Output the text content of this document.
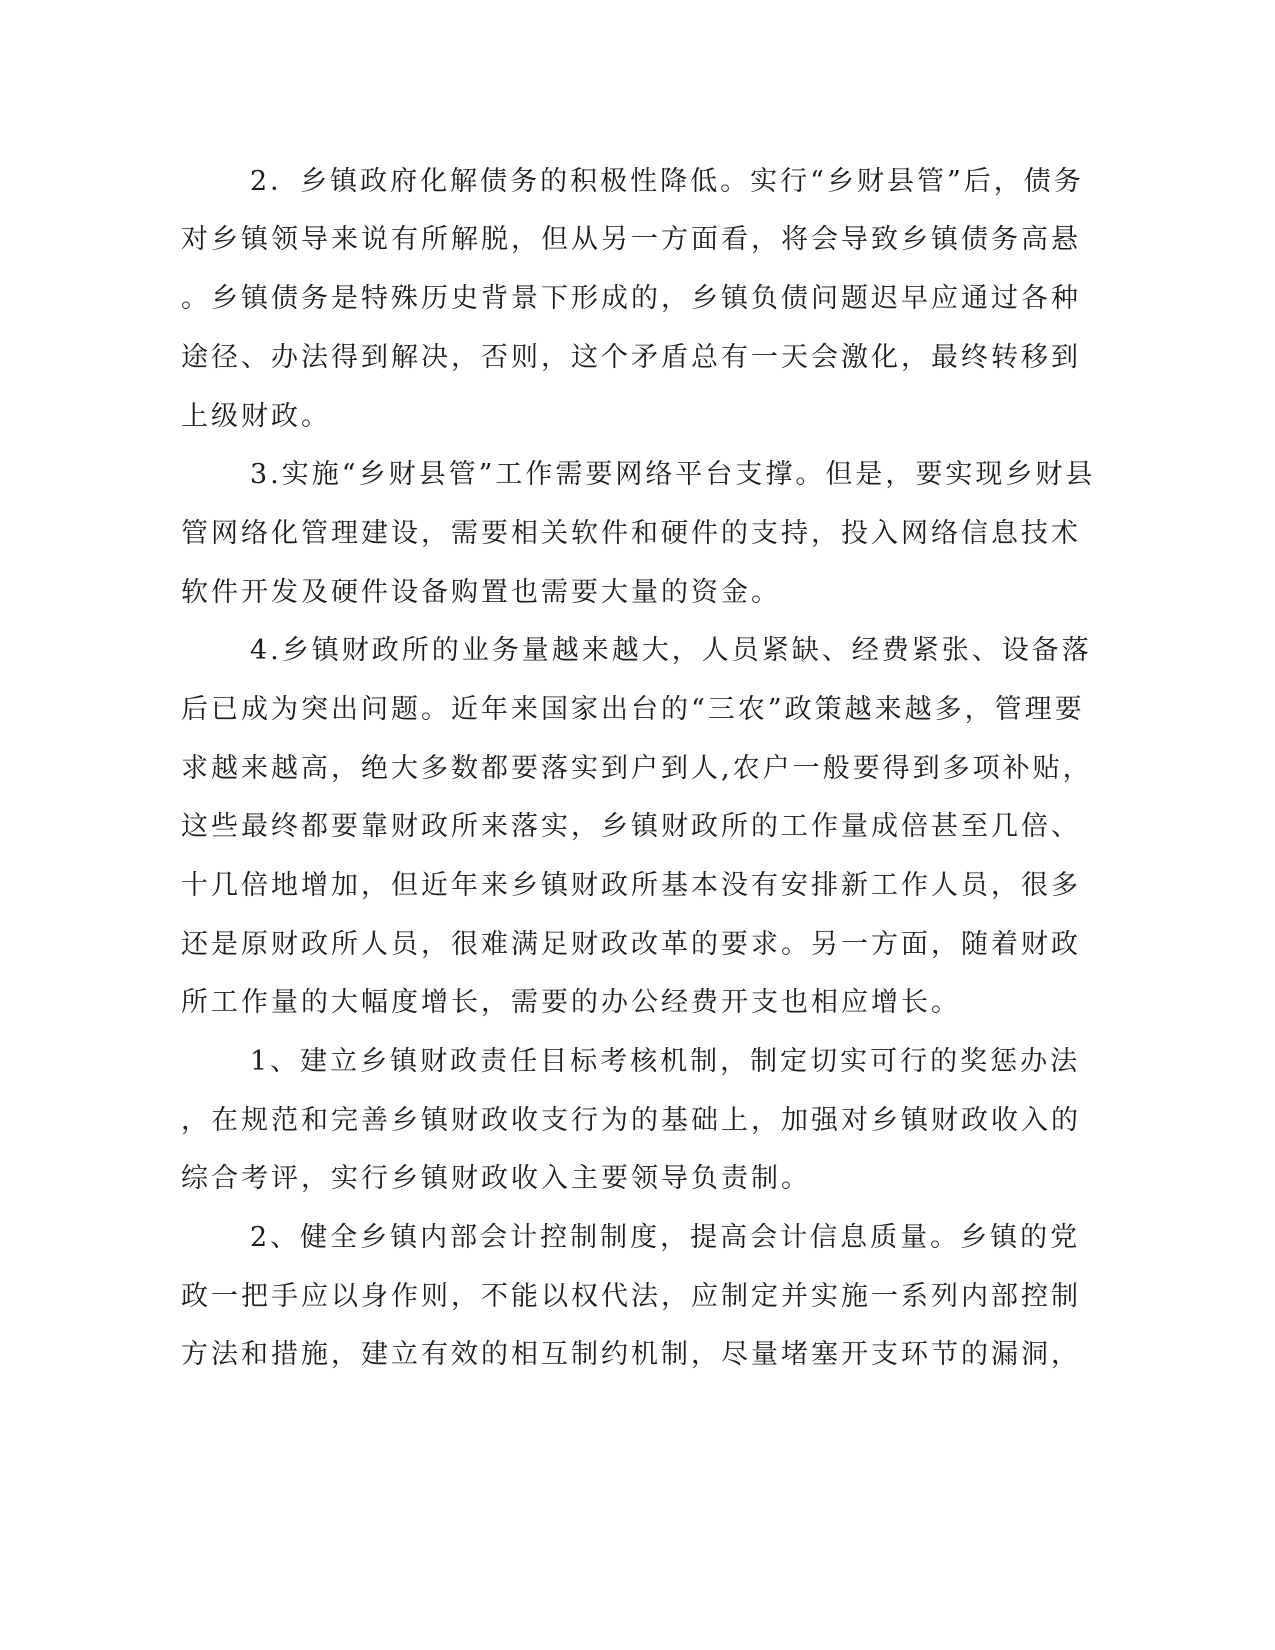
2．乡镇政府化解债务的积极性降低。实行“乡财县管”后，债务
对乡镇领导来说有所解脱，但从另一方面看，将会导致乡镇债务高悬
。乡镇债务是特殊历史背景下形成的，乡镇负债问题迟早应通过各种
途径、办法得到解决，否则，这个矛盾总有一天会激化，最终转移到
上级财政。
3.实施“乡财县管”工作需要网络平台支撑。但是，要实现乡财县
管网络化管理建设，需要相关软件和硬件的支持，投入网络信息技术
软件开发及硬件设备购置也需要大量的资金。
4.乡镇财政所的业务量越来越大，人员紧缺、经费紧张、设备落
后已成为突出问题。近年来国家出台的“三农”政策越来越多，管理要
求越来越高，绝大多数都要落实到户到人,农户一般要得到多项补贴，
这些最终都要靠财政所来落实，乡镇财政所的工作量成倍甚至几倍、
十几倍地增加，但近年来乡镇财政所基本没有安排新工作人员，很多
还是原财政所人员，很难满足财政改革的要求。另一方面，随着财政
所工作量的大幅度增长，需要的办公经费开支也相应增长。
1、建立乡镇财政责任目标考核机制，制定切实可行的奖惩办法
，在规范和完善乡镇财政收支行为的基础上，加强对乡镇财政收入的
综合考评，实行乡镇财政收入主要领导负责制。
2、健全乡镇内部会计控制制度，提高会计信息质量。乡镇的党
政一把手应以身作则，不能以权代法，应制定并实施一系列内部控制
方法和措施，建立有效的相互制约机制，尽量堵塞开支环节的漏洞，
